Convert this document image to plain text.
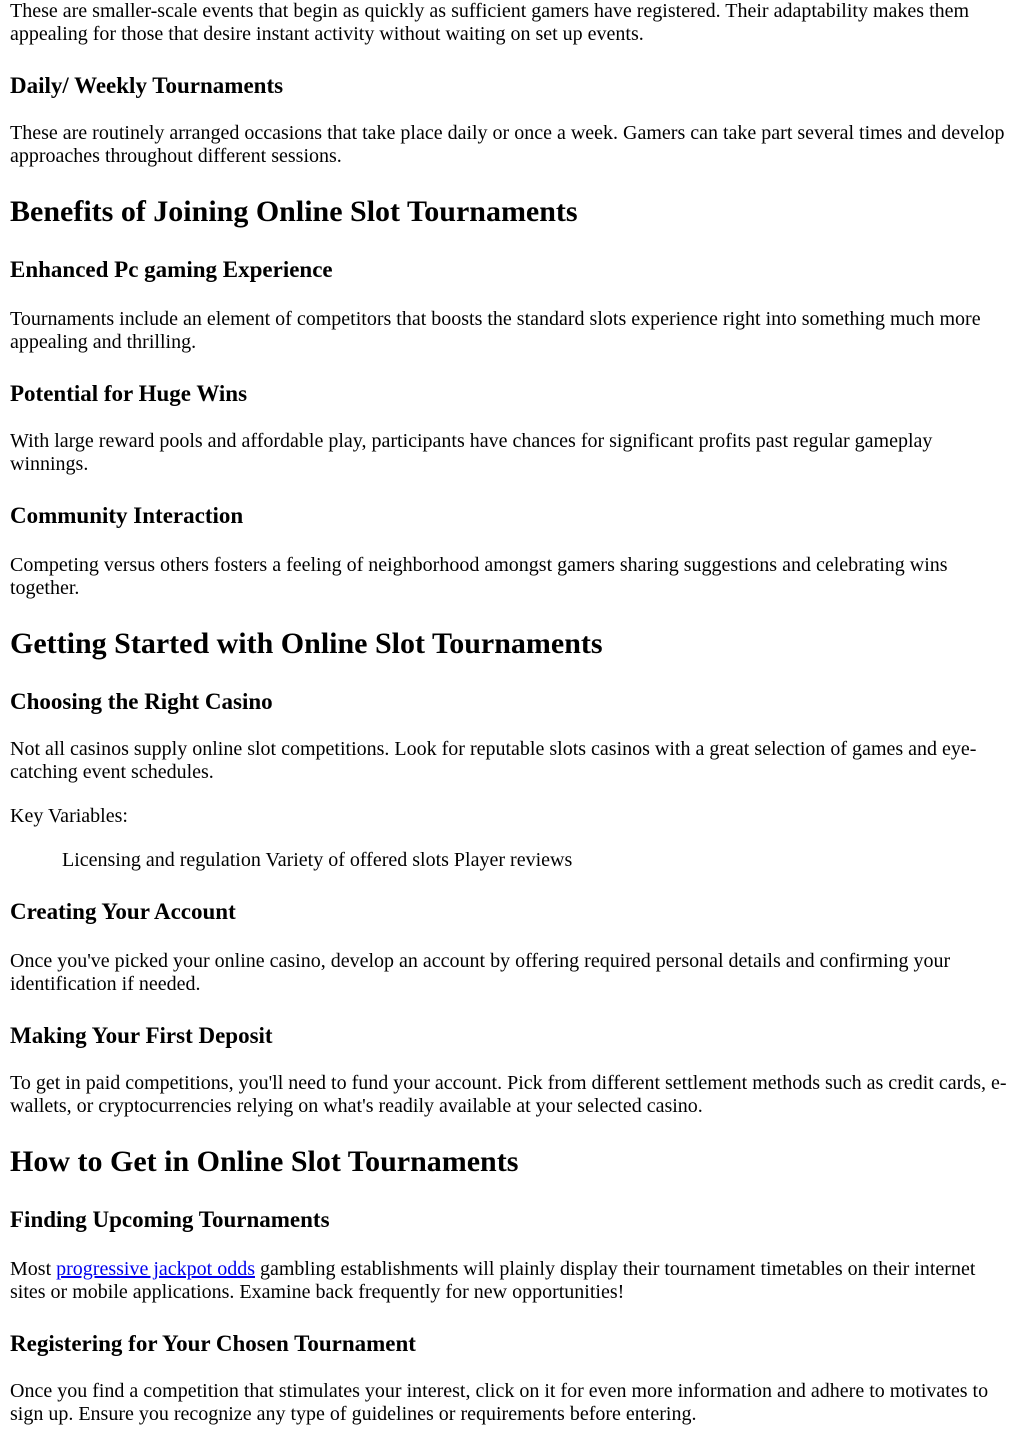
These are smaller-scale events that begin as quickly as sufficient gamers have registered. Their adaptability makes them appealing for those that desire instant activity without waiting on set up events.

Daily/ Weekly Tournaments

These are routinely arranged occasions that take place daily or once a week. Gamers can take part several times and develop approaches throughout different sessions.

Benefits of Joining Online Slot Tournaments
Enhanced Pc gaming Experience

Tournaments include an element of competitors that boosts the standard slots experience right into something much more appealing and thrilling.

Potential for Huge Wins

With large reward pools and affordable play, participants have chances for significant profits past regular gameplay winnings.

Community Interaction

Competing versus others fosters a feeling of neighborhood amongst gamers sharing suggestions and celebrating wins together.

Getting Started with Online Slot Tournaments
Choosing the Right Casino

Not all casinos supply online slot competitions. Look for reputable slots casinos with a great selection of games and eye-catching event schedules.

Key Variables:

Licensing and regulation Variety of offered slots Player reviews

Creating Your Account

Once you've picked your online casino, develop an account by offering required personal details and confirming your identification if needed.

Making Your First Deposit

To get in paid competitions, you'll need to fund your account. Pick from different settlement methods such as credit cards, e-wallets, or cryptocurrencies relying on what's readily available at your selected casino.

How to Get in Online Slot Tournaments
Finding Upcoming Tournaments

Most progressive jackpot odds gambling establishments will plainly display their tournament timetables on their internet sites or mobile applications. Examine back frequently for new opportunities!

Registering for Your Chosen Tournament

Once you find a competition that stimulates your interest, click on it for even more information and adhere to motivates to sign up. Ensure you recognize any type of guidelines or requirements before entering.
